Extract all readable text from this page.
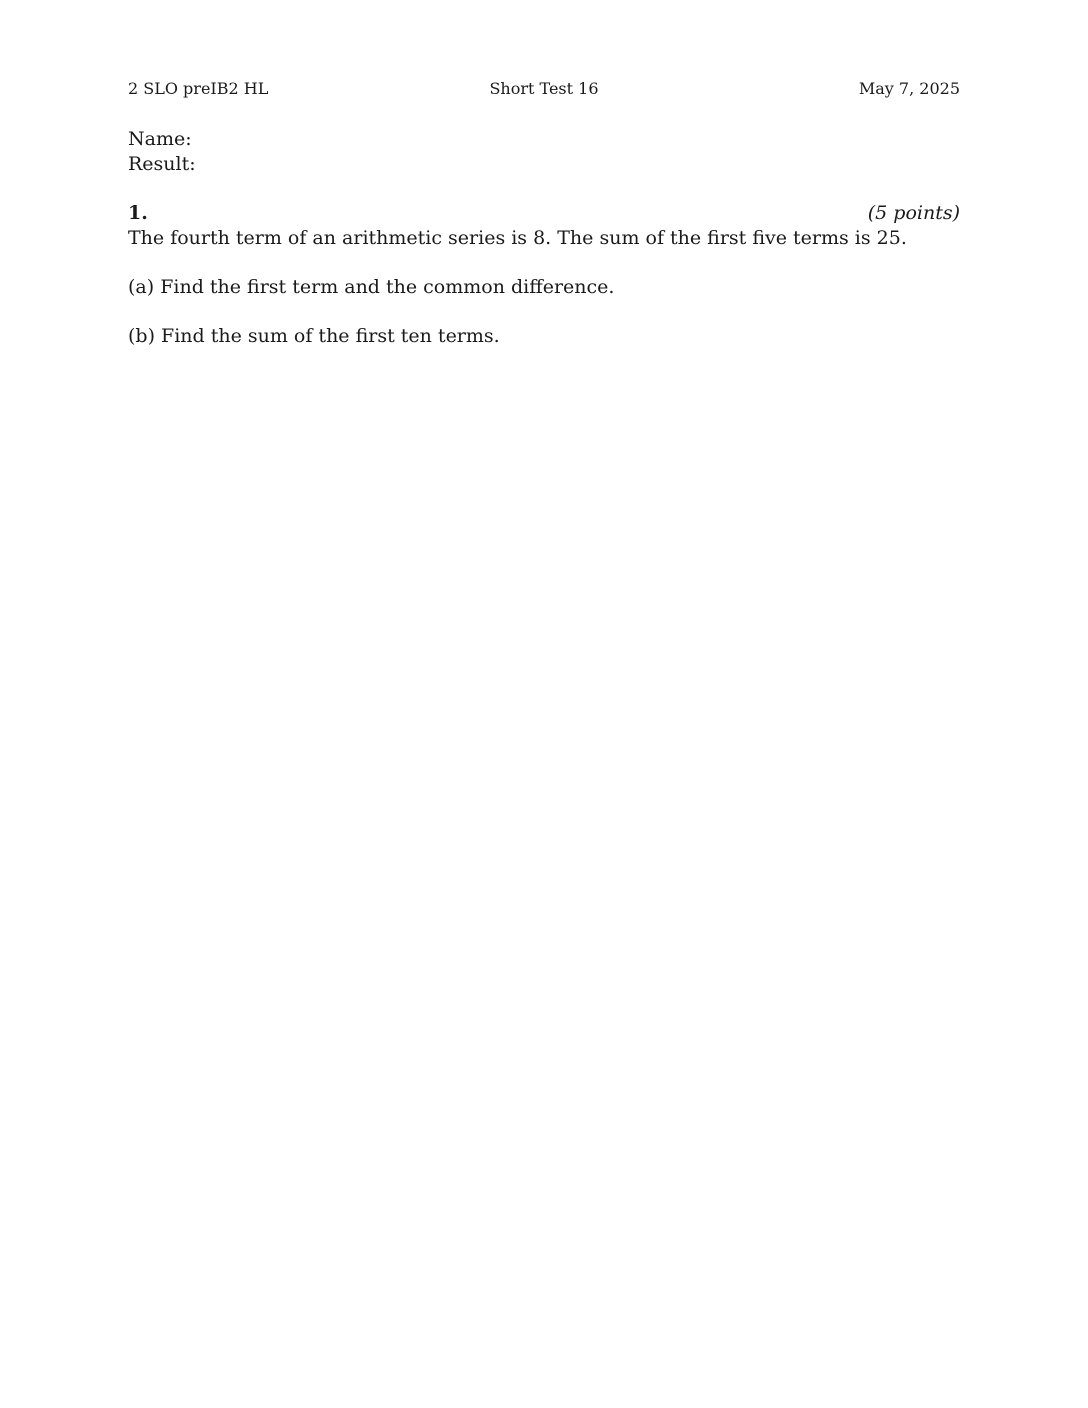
2 SLO preIB2 HL	Short Test 16	May 7, 2025
Name:
Result:
1.	(5 points)
The fourth term of an arithmetic series is 8. The sum of the first five terms is 25.
(a) Find the first term and the common difference.
(b) Find the sum of the first ten terms.
